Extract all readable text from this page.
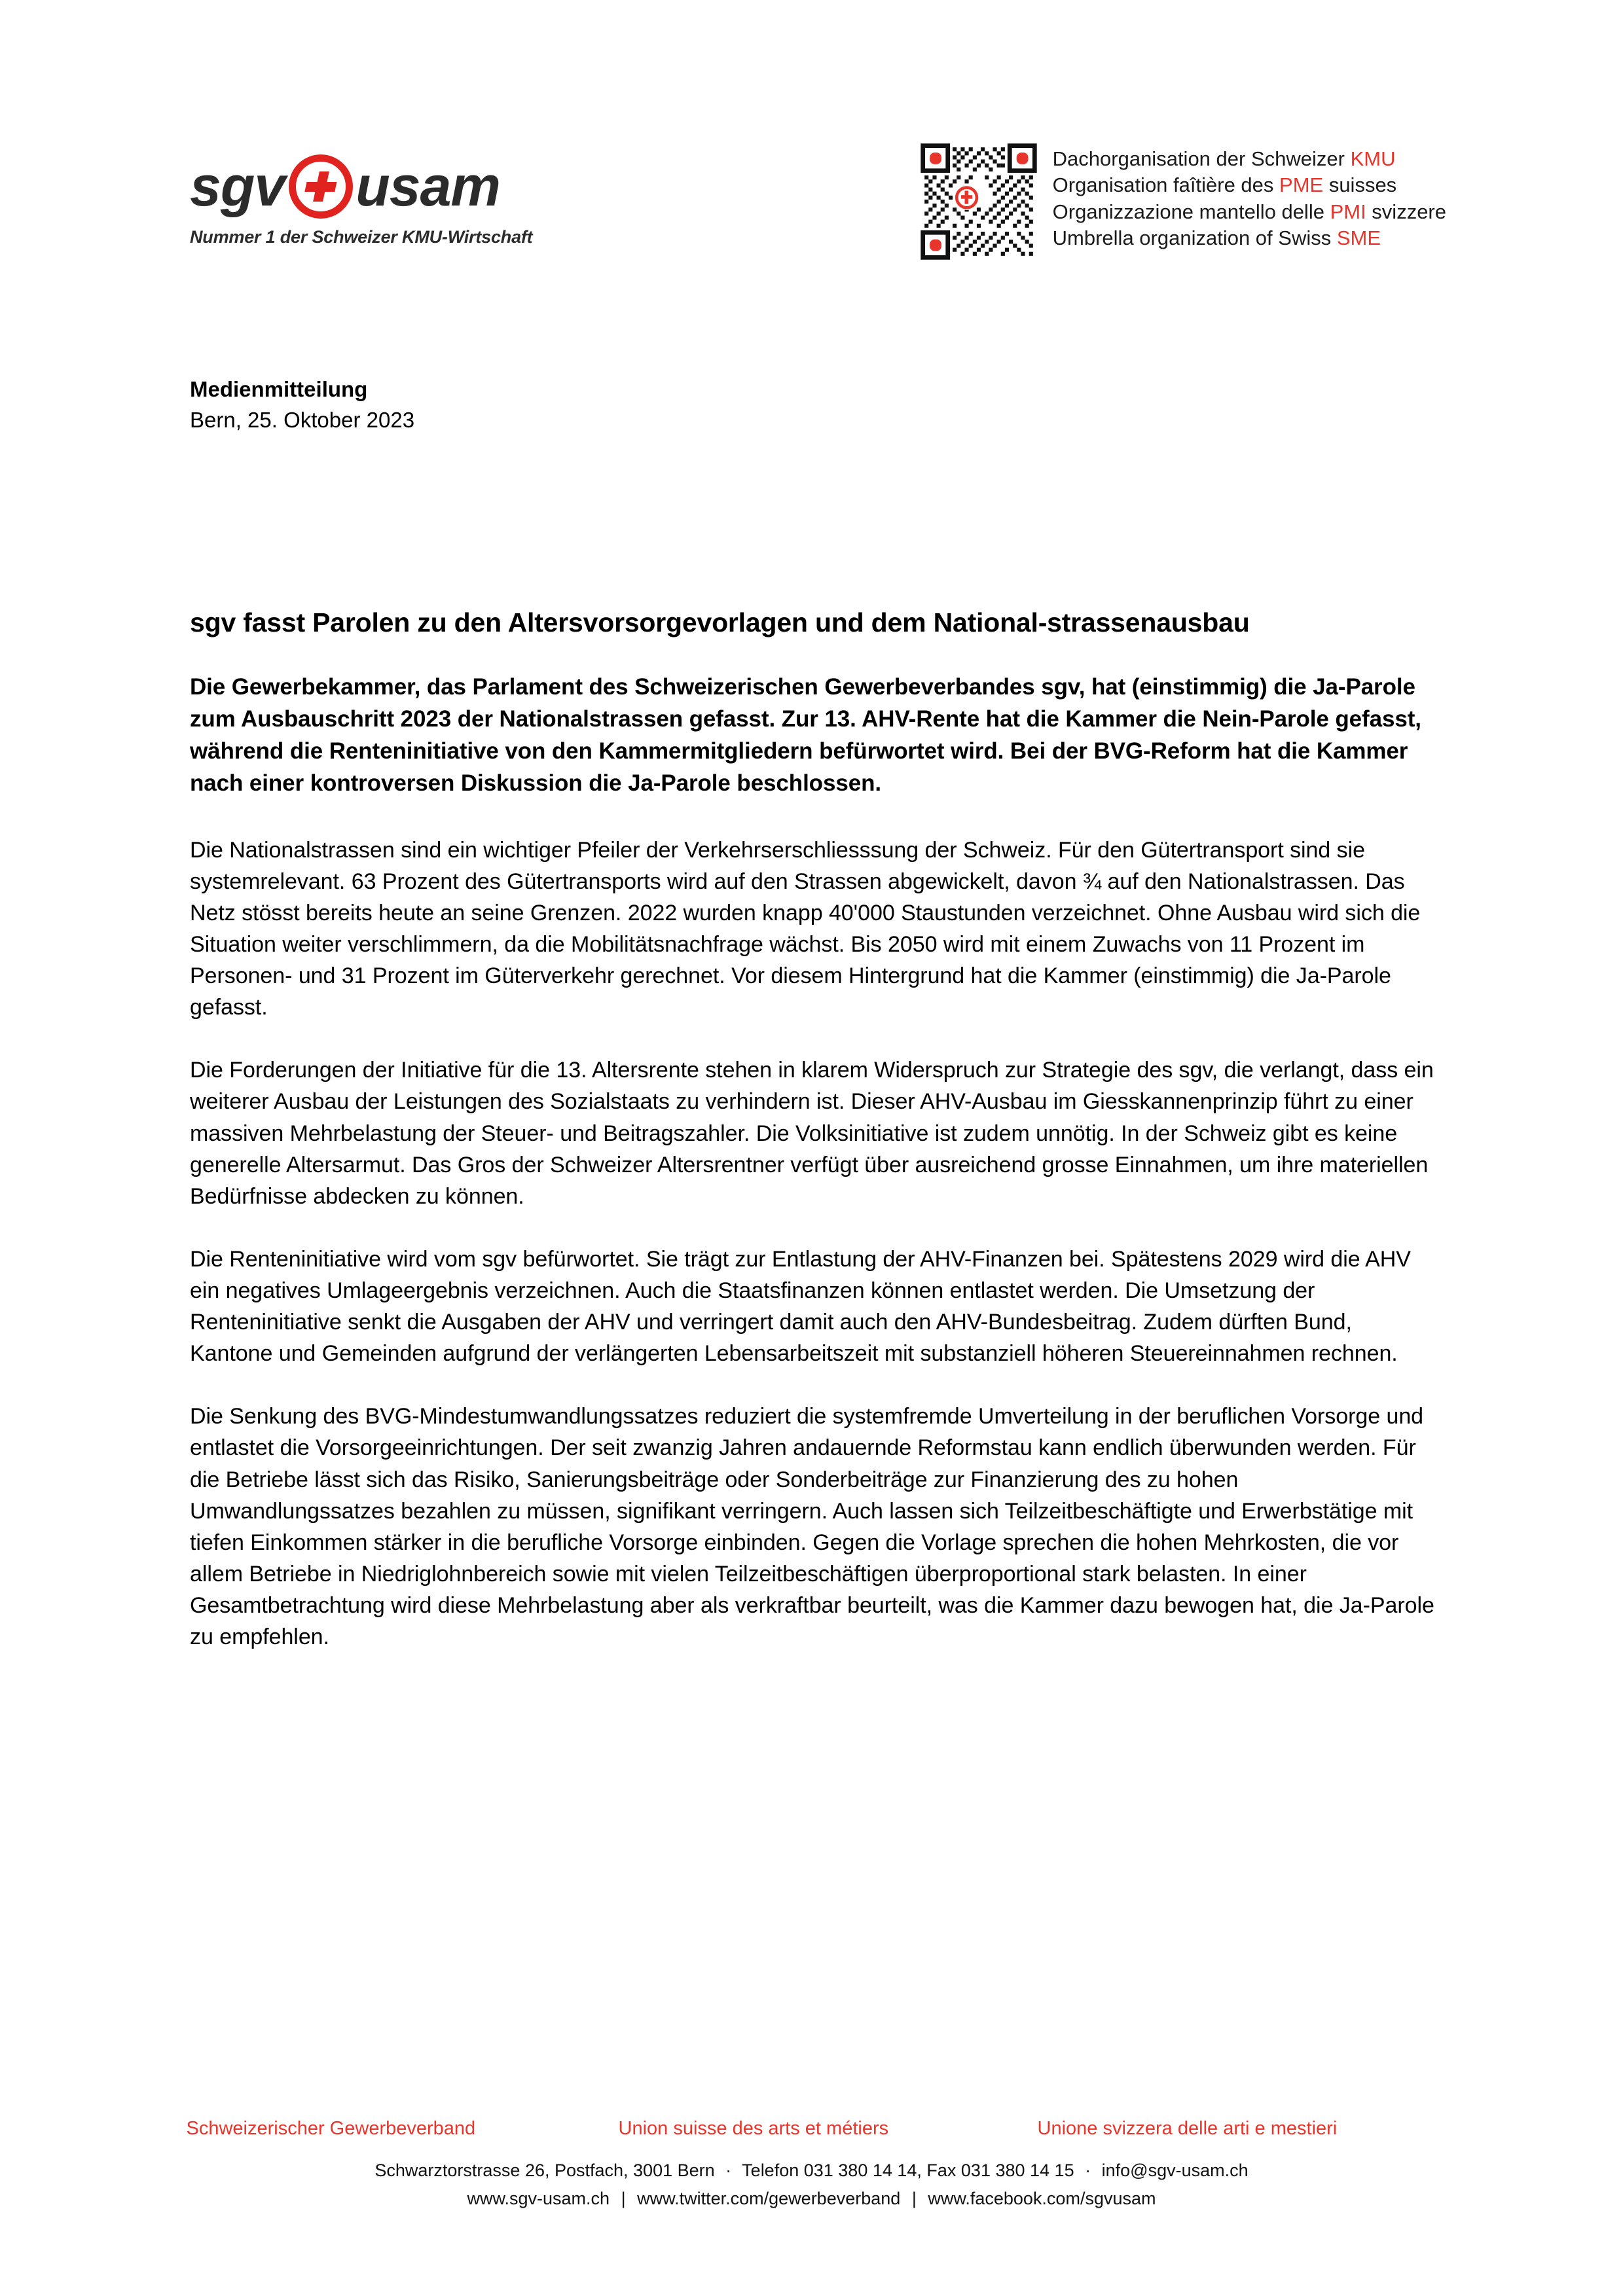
sgv usam
Nummer 1 der Schweizer KMU-Wirtschaft
Dachorganisation der Schweizer KMU
Organisation faîtière des PME suisses
Organizzazione mantello delle PMI svizzere
Umbrella organization of Swiss SME
Medienmitteilung
Bern, 25. Oktober 2023
sgv fasst Parolen zu den Altersvorsorgevorlagen und dem National-strassenausbau

Die Gewerbekammer, das Parlament des Schweizerischen Gewerbeverbandes sgv, hat (einstimmig) die Ja-Parole zum Ausbauschritt 2023 der Nationalstrassen gefasst. Zur 13. AHV-Rente hat die Kammer die Nein-Parole gefasst, während die Renteninitiative von den Kammermitgliedern befürwortet wird. Bei der BVG-Reform hat die Kammer nach einer kontroversen Diskussion die Ja-Parole beschlossen.

Die Nationalstrassen sind ein wichtiger Pfeiler der Verkehrserschliesssung der Schweiz. Für den Gütertransport sind sie systemrelevant. 63 Prozent des Gütertransports wird auf den Strassen abgewickelt, davon ¾ auf den Nationalstrassen. Das Netz stösst bereits heute an seine Grenzen. 2022 wurden knapp 40'000 Staustunden verzeichnet. Ohne Ausbau wird sich die Situation weiter verschlimmern, da die Mobilitätsnachfrage wächst. Bis 2050 wird mit einem Zuwachs von 11 Prozent im Personen- und 31 Prozent im Güterverkehr gerechnet. Vor diesem Hintergrund hat die Kammer (einstimmig) die Ja-Parole gefasst.

Die Forderungen der Initiative für die 13. Altersrente stehen in klarem Widerspruch zur Strategie des sgv, die verlangt, dass ein weiterer Ausbau der Leistungen des Sozialstaats zu verhindern ist. Dieser AHV-Ausbau im Giesskannenprinzip führt zu einer massiven Mehrbelastung der Steuer- und Beitragszahler. Die Volksinitiative ist zudem unnötig. In der Schweiz gibt es keine generelle Altersarmut. Das Gros der Schweizer Altersrentner verfügt über ausreichend grosse Einnahmen, um ihre materiellen Bedürfnisse abdecken zu können.

Die Renteninitiative wird vom sgv befürwortet. Sie trägt zur Entlastung der AHV-Finanzen bei. Spätestens 2029 wird die AHV ein negatives Umlageergebnis verzeichnen. Auch die Staatsfinanzen können entlastet werden. Die Umsetzung der Renteninitiative senkt die Ausgaben der AHV und verringert damit auch den AHV-Bundesbeitrag. Zudem dürften Bund, Kantone und Gemeinden aufgrund der verlängerten Lebensarbeitszeit mit substanziell höheren Steuereinnahmen rechnen.

Die Senkung des BVG-Mindestumwandlungssatzes reduziert die systemfremde Umverteilung in der beruflichen Vorsorge und entlastet die Vorsorgeeinrichtungen. Der seit zwanzig Jahren andauernde Reformstau kann endlich überwunden werden. Für die Betriebe lässt sich das Risiko, Sanierungsbeiträge oder Sonderbeiträge zur Finanzierung des zu hohen Umwandlungssatzes bezahlen zu müssen, signifikant verringern. Auch lassen sich Teilzeitbeschäftigte und Erwerbstätige mit tiefen Einkommen stärker in die berufliche Vorsorge einbinden. Gegen die Vorlage sprechen die hohen Mehrkosten, die vor allem Betriebe in Niedriglohnbereich sowie mit vielen Teilzeitbeschäftigen überproportional stark belasten. In einer Gesamtbetrachtung wird diese Mehrbelastung aber als verkraftbar beurteilt, was die Kammer dazu bewogen hat, die Ja-Parole zu empfehlen.

Schweizerischer Gewerbeverband	Union suisse des arts et métiers	Unione svizzera delle arti e mestieri
Schwarztorstrasse 26, Postfach, 3001 Bern · Telefon 031 380 14 14, Fax 031 380 14 15 · info@sgv-usam.ch
www.sgv-usam.ch | www.twitter.com/gewerbeverband | www.facebook.com/sgvusam
